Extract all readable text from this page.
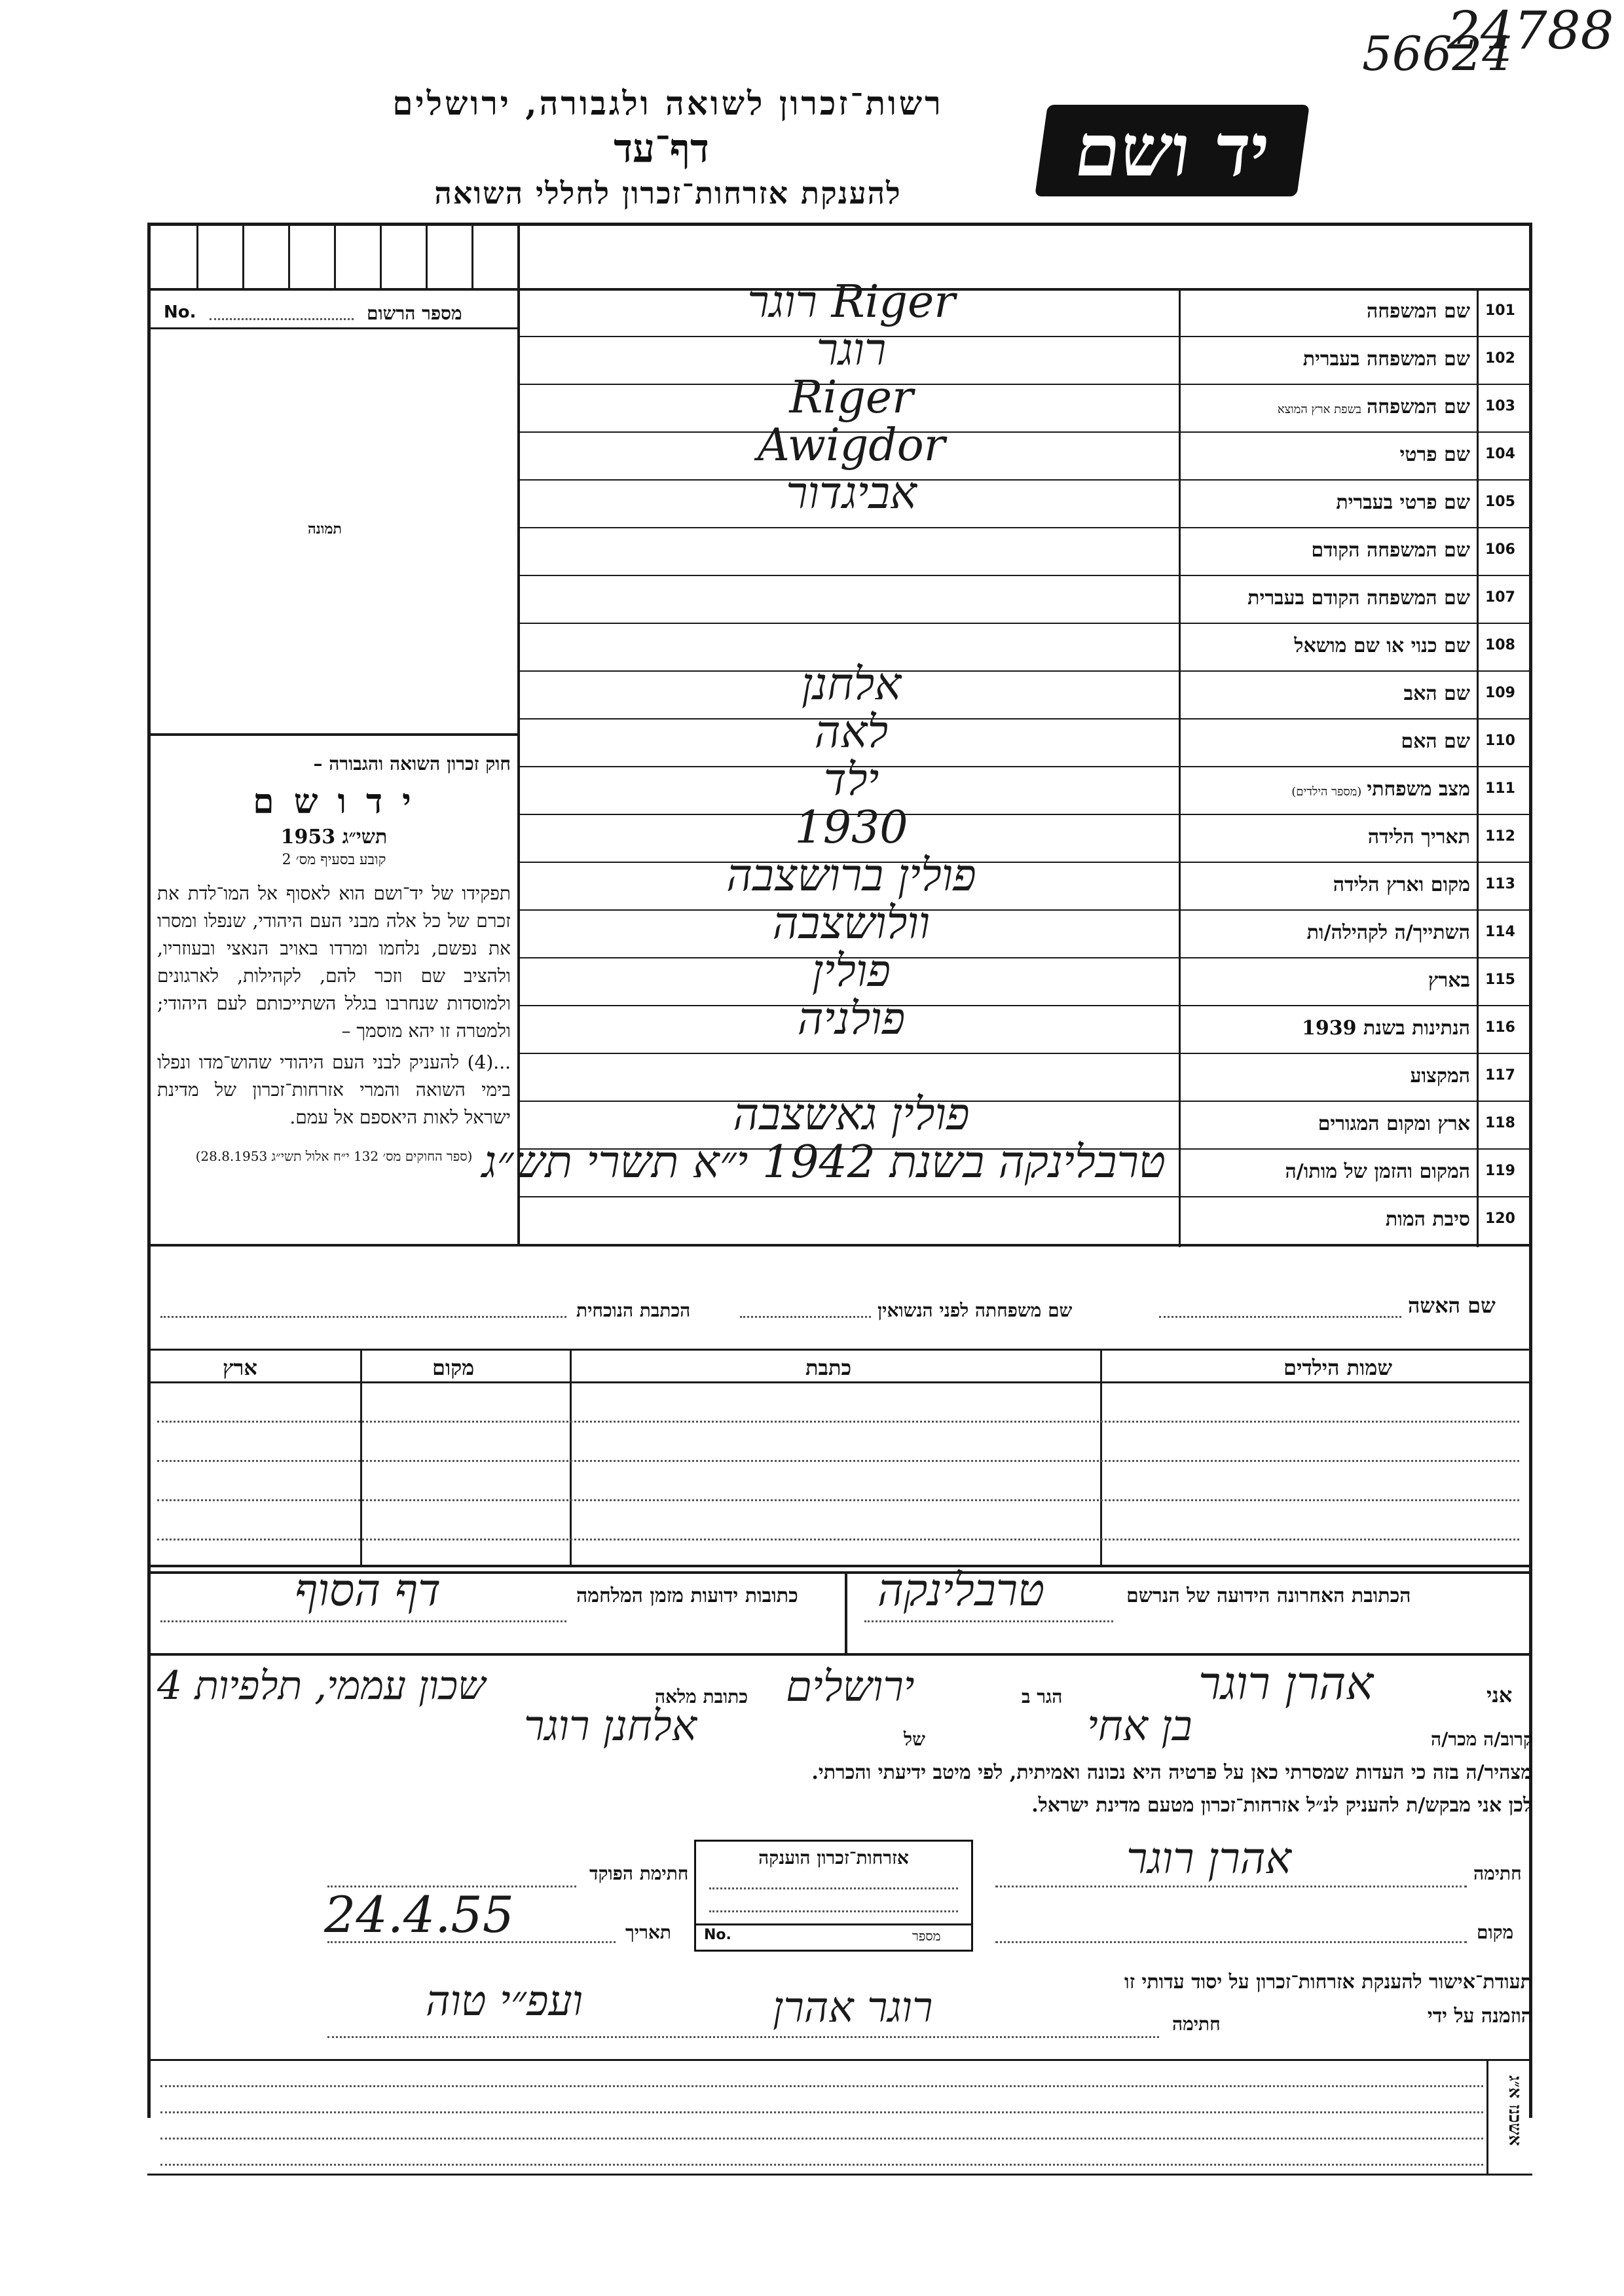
24788
56624
רשות־זכרון לשואה ולגבורה, ירושלים
דף־עד
להענקת אזרחות־זכרון לחללי השואה
יד ושם
מספר הרשום
No.
תמונה
חוק זכרון השואה והגבורה –
י ד ו ש ם
תשי״ג 1953
קובע בסעיף מס׳ 2
תפקידו של יד־ושם הוא לאסוף אל המו־לדת את זכרם של כל אלה מבני העם היהודי, שנפלו ומסרו את נפשם, נלחמו ומרדו באויב הנאצי ובעוזריו, ולהציב שם וזכר להם, לקהילות, לארגונים ולמוסדות שנחרבו בגלל השתייכותם לעם היהודי; ולמטרה זו יהא מוסמך –
...(4) להעניק לבני העם היהודי שהוש־מדו ונפלו בימי השואה והמרי אזרחות־זכרון של מדינת ישראל לאות היאספם אל עמם.
(ספר החוקים מס׳ 132 י״ח אלול תשי״ג 28.8.1953)
101
שם המשפחה
Riger רוגר
102
שם המשפחה בעברית
רוגר
103
שם המשפחהבשפת ארץ המוצא
Riger
104
שם פרטי
Awigdor
105
שם פרטי בעברית
אביגדור
106
שם המשפחה הקודם
107
שם המשפחה הקודם בעברית
108
שם כנוי או שם מושאל
109
שם האב
אלחנן
110
שם האם
לאה
111
מצב משפחתי(מספר הילדים)
ילד
112
תאריך הלידה
1930
113
מקום וארץ הלידה
פולין ברושצבה
114
השתייך/ה לקהילה/ות
וולושצבה
115
בארץ
פולין
116
הנתינות בשנת 1939
פולניה
117
המקצוע
118
ארץ ומקום המגורים
פולין גאשצבה
119
המקום והזמן של מותו/ה
טרבלינקה בשנת 1942 י״א תשרי תש״ג
120
סיבת המות
שם האשה
שם משפחתה לפני הנשואין
הכתבת הנוכחית
שמות הילדים
כתבת
מקום
ארץ
הכתובת האחרונה הידועה של הנרשם
טרבלינקה
כתובות ידועות מזמן המלחמה
דף הסוף
אני
אהרן רוגר
הגר ב
ירושלים
כתובת מלאה
שכון עממי, תלפיות 4
קרוב/ה מכר/ה
בן אחי
של
אלחנן רוגר
מצהיר/ה בזה כי העדות שמסרתי כאן על פרטיה היא נכונה ואמיתית, לפי מיטב ידיעתי והכרתי.
לכן אני מבקש/ת להעניק לנ״ל אזרחות־זכרון מטעם מדינת ישראל.
חתימה
אהרן רוגר
חתימת הפוקד
אזרחות־זכרון הוענקה
No.	מספר	מקום
תאריך
24.4.55
תעודת־אישור להענקת אזרחות־זכרון על יסוד עדותי זו
הוזמנה על ידי
חתימה
רוגר אהרן
ועפ״י טוה
אשכנז א״ג
